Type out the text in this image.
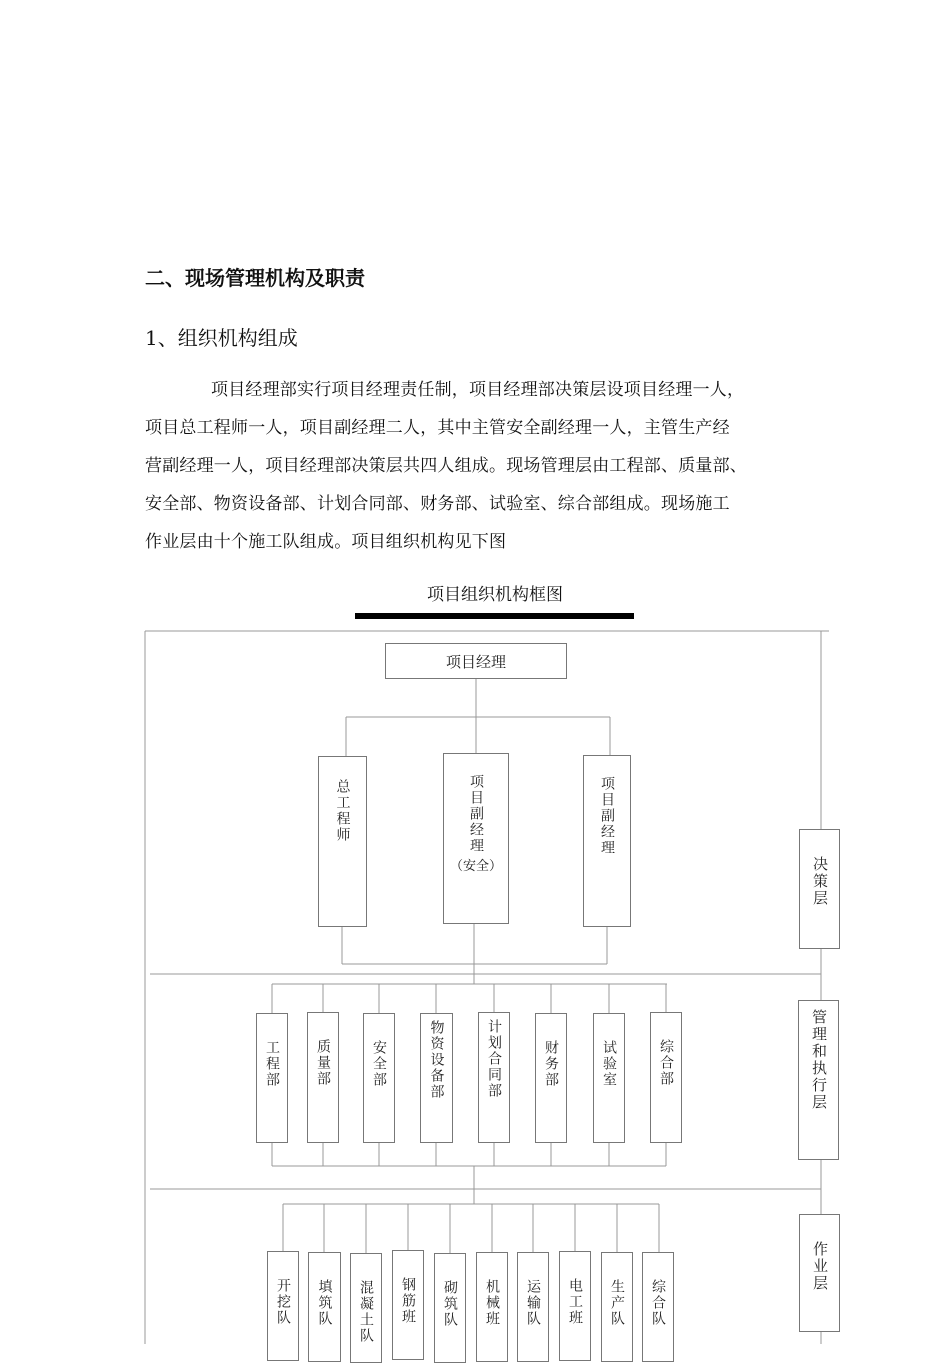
二、现场管理机构及职责
1、组织机构组成
项目经理部实行项目经理责任制，项目经理部决策层设项目经理一人，
项目总工程师一人，项目副经理二人，其中主管安全副经理一人，主管生产经
营副经理一人，项目经理部决策层共四人组成。现场管理层由工程部、质量部、
安全部、物资设备部、计划合同部、财务部、试验室、综合部组成。现场施工
作业层由十个施工队组成。项目组织机构见下图
项目组织机构框图
项目经理
总工程师	项目副经理
（安全）
项目副经理
决策层
管理和执行层
作业层
工程部	质量部	安全部	物资设备部	计划合同部	财务部	试验室	综合部
开挖队 填筑队 混凝土队 钢筋班 砌筑队 机械班 运输队 电工班 生产队 综合队
